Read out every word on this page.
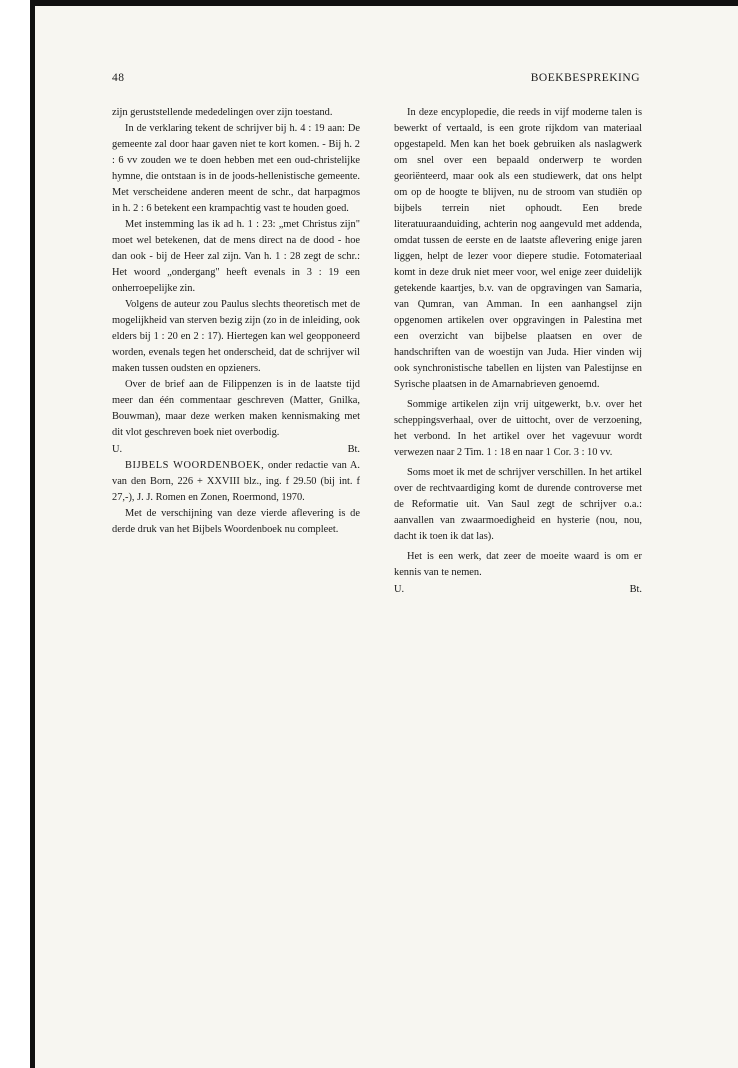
48	BOEKBESPREKING

zijn geruststellende mededelingen over zijn toestand.

In de verklaring tekent de schrijver bij h. 4 : 19 aan: De gemeente zal door haar gaven niet te kort komen. - Bij h. 2 : 6 vv zouden we te doen hebben met een oud-christelijke hymne, die ontstaan is in de joods-hellenistische gemeente. Met verscheidene anderen meent de schr., dat harpagmos in h. 2 : 6 betekent een krampachtig vast te houden goed.

Met instemming las ik ad h. 1 : 23: „met Christus zijn" moet wel betekenen, dat de mens direct na de dood - hoe dan ook - bij de Heer zal zijn. Van h. 1 : 28 zegt de schr.: Het woord „ondergang" heeft evenals in 3 : 19 een onherroepelijke zin.

Volgens de auteur zou Paulus slechts theoretisch met de mogelijkheid van sterven bezig zijn (zo in de inleiding, ook elders bij 1 : 20 en 2 : 17). Hiertegen kan wel geopponeerd worden, evenals tegen het onderscheid, dat de schrijver wil maken tussen oudsten en opzieners.

Over de brief aan de Filippenzen is in de laatste tijd meer dan één commentaar geschreven (Matter, Gnilka, Bouwman), maar deze werken maken kennismaking met dit vlot geschreven boek niet overbodig.

U.	Bt.

BIJBELS WOORDENBOEK, onder redactie van A. van den Born, 226 + XXVIII blz., ing. f 29.50 (bij int. f 27,-), J. J. Romen en Zonen, Roermond, 1970.

Met de verschijning van deze vierde aflevering is de derde druk van het Bijbels Woordenboek nu compleet.

In deze encyplopedie, die reeds in vijf moderne talen is bewerkt of vertaald, is een grote rijkdom van materiaal opgestapeld. Men kan het boek gebruiken als naslagwerk om snel over een bepaald onderwerp te worden georiënteerd, maar ook als een studiewerk, dat ons helpt om op de hoogte te blijven, nu de stroom van studiën op bijbels terrein niet ophoudt. Een brede literatuuraanduiding, achterin nog aangevuld met addenda, omdat tussen de eerste en de laatste aflevering enige jaren liggen, helpt de lezer voor diepere studie. Fotomateriaal komt in deze druk niet meer voor, wel enige zeer duidelijk getekende kaartjes, b.v. van de opgravingen van Samaria, van Qumran, van Amman. In een aanhangsel zijn opgenomen artikelen over opgravingen in Palestina met een overzicht van bijbelse plaatsen en over de handschriften van de woestijn van Juda. Hier vinden wij ook synchronistische tabellen en lijsten van Palestijnse en Syrische plaatsen in de Amarnabrieven genoemd.

Sommige artikelen zijn vrij uitgewerkt, b.v. over het scheppingsverhaal, over de uittocht, over de verzoening, het verbond. In het artikel over het vagevuur wordt verwezen naar 2 Tim. 1 : 18 en naar 1 Cor. 3 : 10 vv.

Soms moet ik met de schrijver verschillen. In het artikel over de rechtvaardiging komt de durende controverse met de Reformatie uit. Van Saul zegt de schrijver o.a.: aanvallen van zwaarmoedigheid en hysterie (nou, nou, dacht ik toen ik dat las).

Het is een werk, dat zeer de moeite waard is om er kennis van te nemen.

U.	Bt.
